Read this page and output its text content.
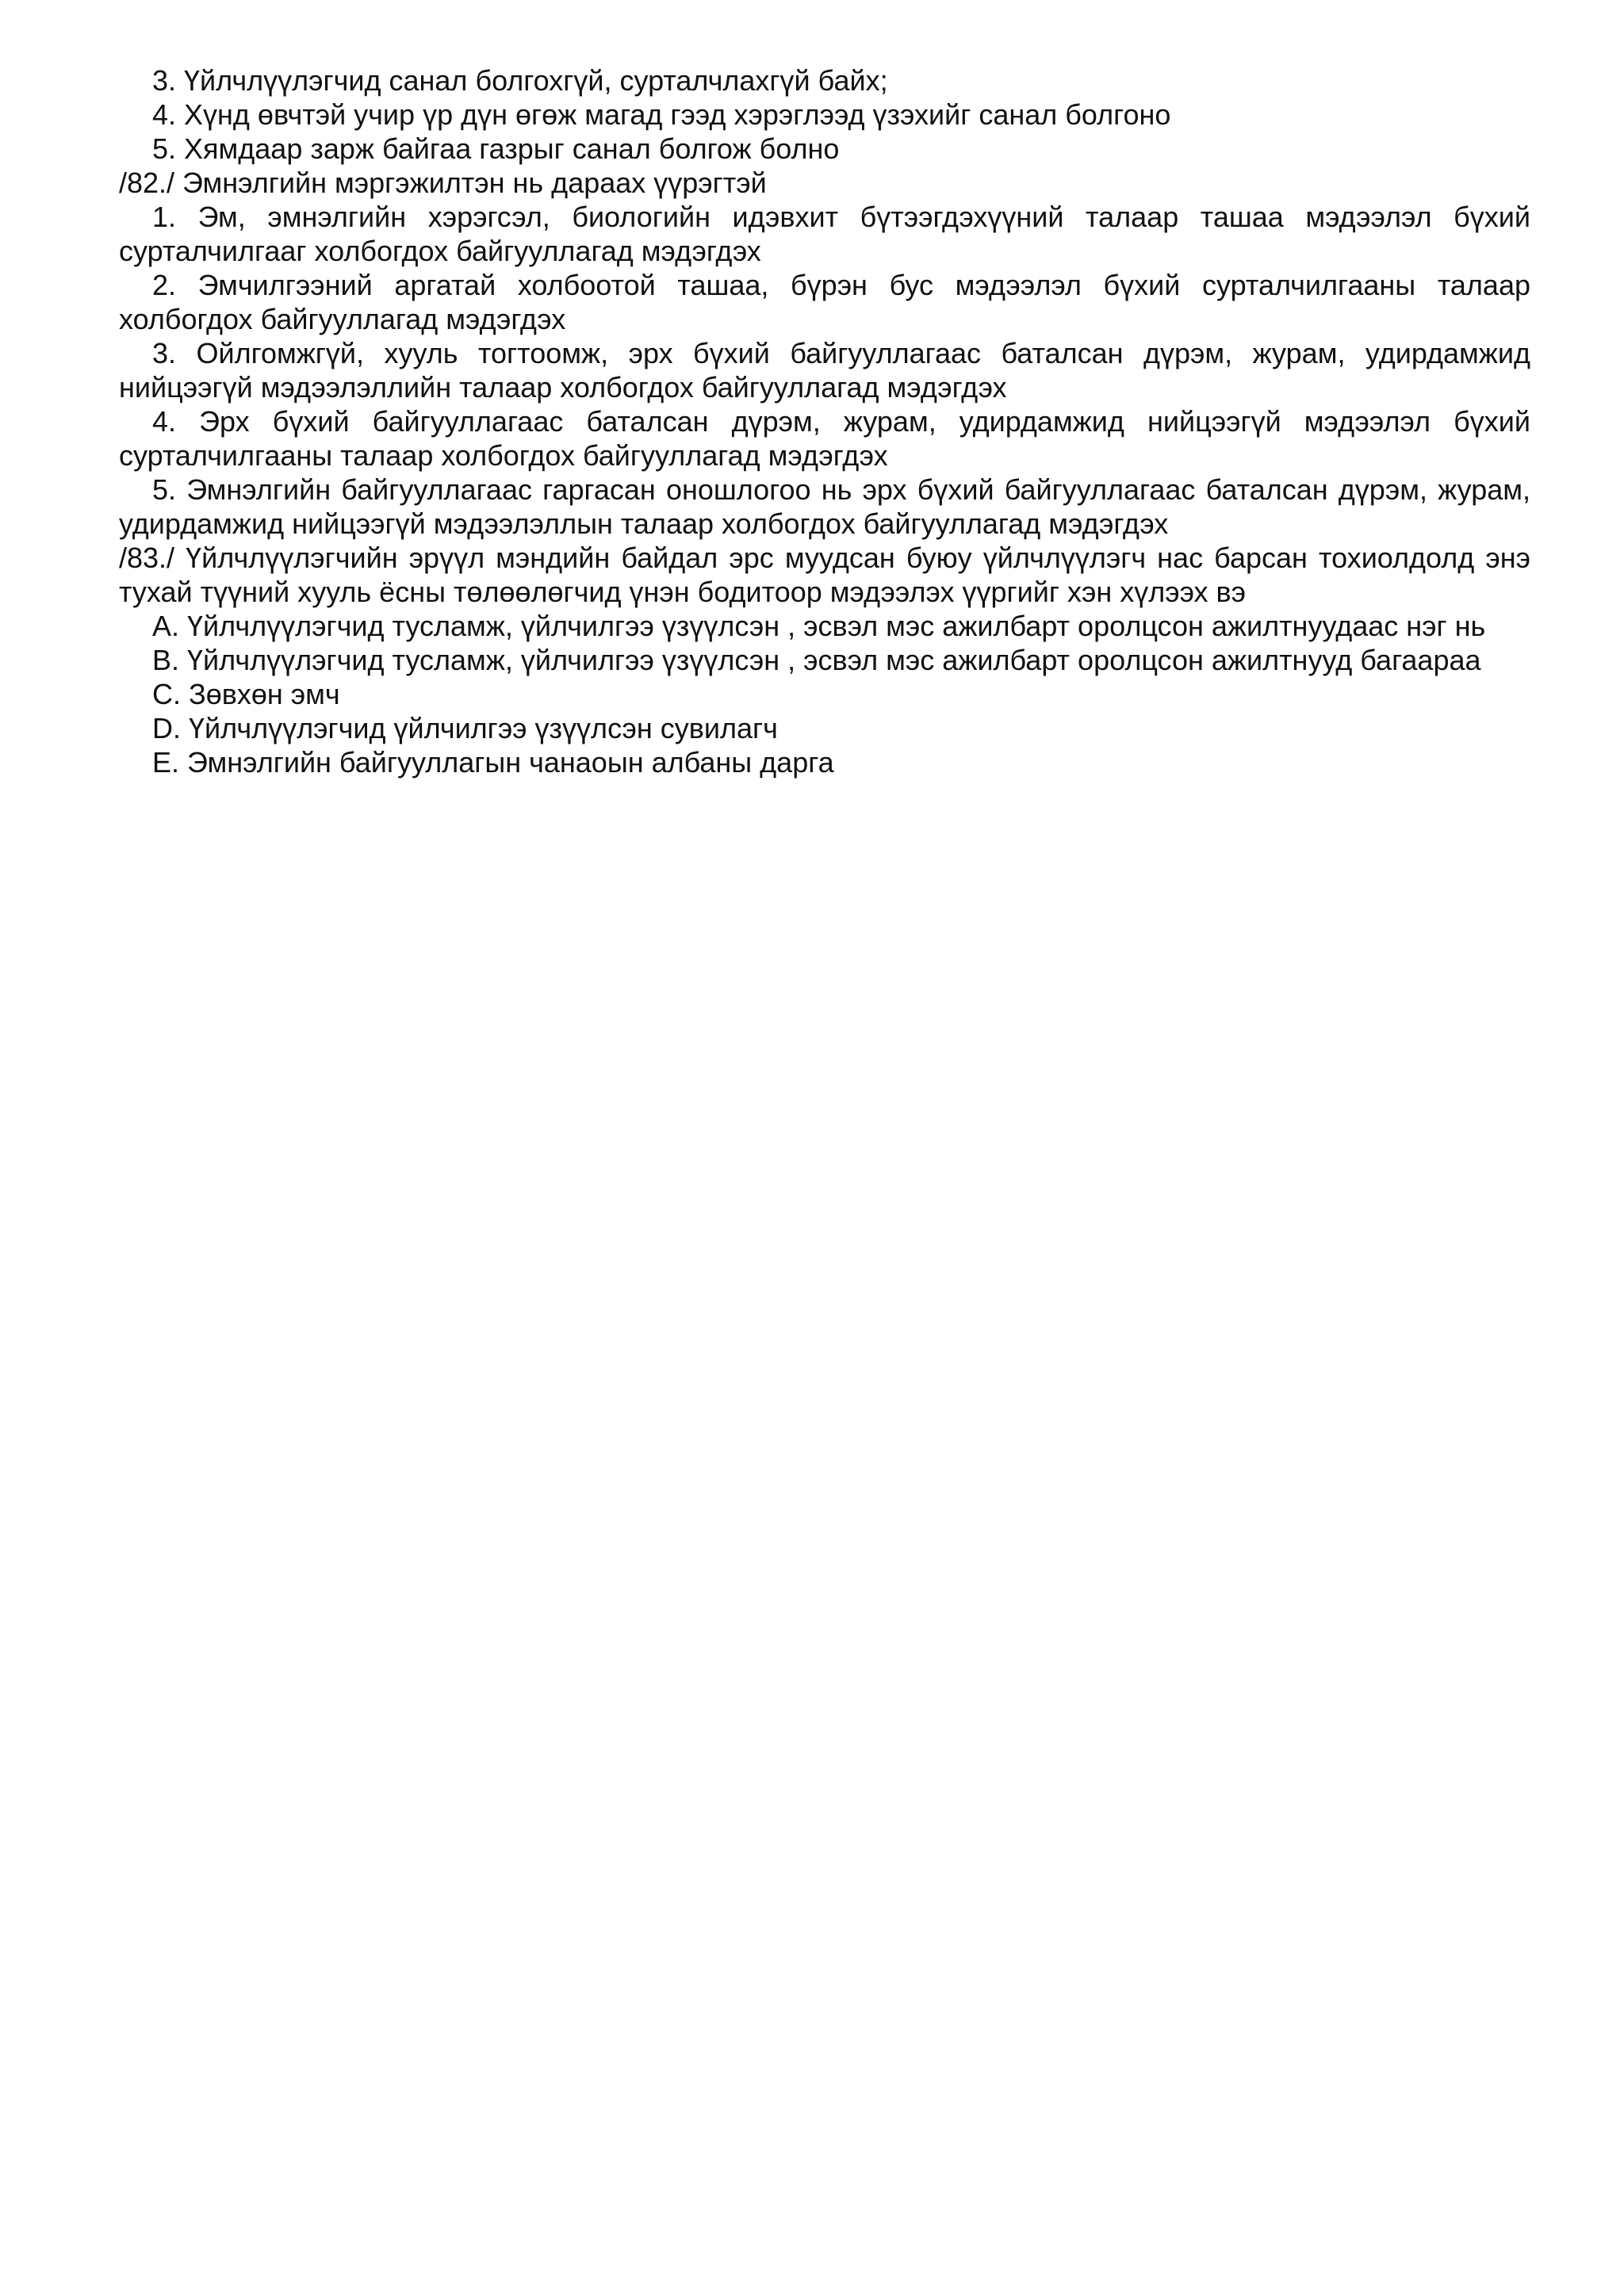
3. Үйлчлүүлэгчид санал болгохгүй, сурталчлахгүй байх;

4. Хүнд өвчтэй учир үр дүн өгөж магад гээд хэрэглээд үзэхийг санал болгоно

5. Хямдаар зарж байгаа газрыг санал болгож болно

/82./ Эмнэлгийн мэргэжилтэн нь дараах үүрэгтэй

1. Эм, эмнэлгийн хэрэгсэл, биологийн идэвхит бүтээгдэхүүний талаар ташаа мэдээлэл бүхий сурталчилгааг холбогдох байгууллагад мэдэгдэх

2. Эмчилгээний аргатай холбоотой ташаа, бүрэн бус мэдээлэл бүхий сурталчилгааны талаар холбогдох байгууллагад мэдэгдэх

3. Ойлгомжгүй, хууль тогтоомж, эрх бүхий байгууллагаас баталсан дүрэм, журам, удирдамжид нийцээгүй мэдээлэллийн талаар холбогдох байгууллагад мэдэгдэх

4. Эрх бүхий байгууллагаас баталсан дүрэм, журам, удирдамжид нийцээгүй мэдээлэл бүхий сурталчилгааны талаар холбогдох байгууллагад мэдэгдэх

5. Эмнэлгийн байгууллагаас гаргасан оношлогоо нь эрх бүхий байгууллагаас баталсан дүрэм, журам, удирдамжид нийцээгүй мэдээлэллын талаар холбогдох байгууллагад мэдэгдэх

/83./ Үйлчлүүлэгчийн эрүүл мэндийн байдал эрс муудсан буюу үйлчлүүлэгч нас барсан тохиолдолд энэ тухай түүний хууль ёсны төлөөлөгчид үнэн бодитоор мэдээлэх үүргийг хэн хүлээх вэ

A. Үйлчлүүлэгчид тусламж, үйлчилгээ үзүүлсэн , эсвэл мэс ажилбарт оролцсон ажилтнуудаас нэг нь

B. Үйлчлүүлэгчид тусламж, үйлчилгээ үзүүлсэн , эсвэл мэс ажилбарт оролцсон ажилтнууд багаараа

C. Зөвхөн эмч

D. Үйлчлүүлэгчид үйлчилгээ үзүүлсэн сувилагч

E. Эмнэлгийн байгууллагын чанаоын албаны дарга
